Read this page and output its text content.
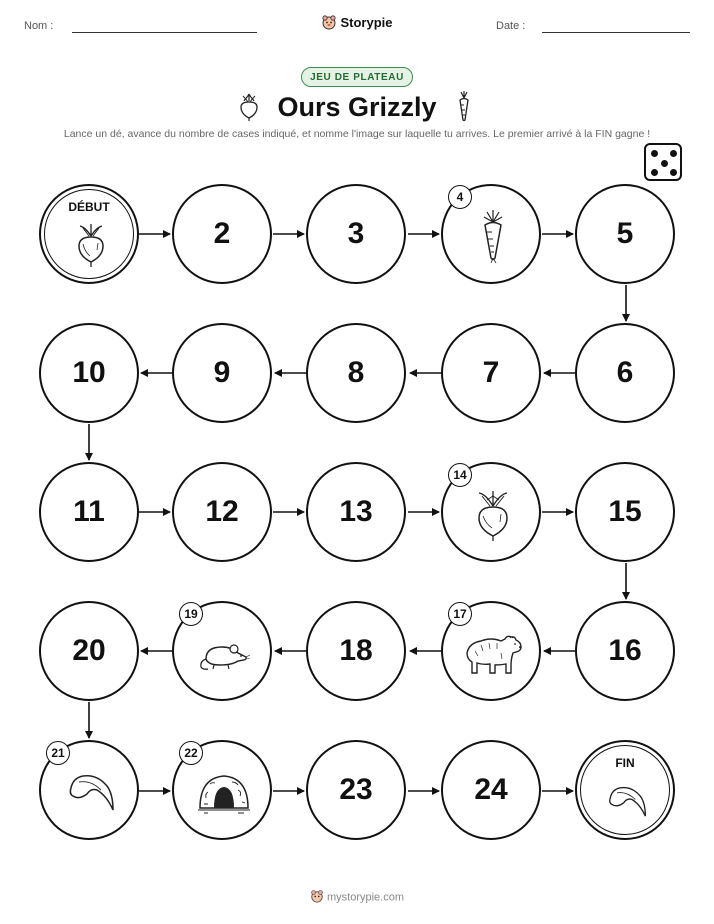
Nom :	Storypie	Date :
JEU DE PLATEAU
Ours Grizzly
Lance un dé, avance du nombre de cases indiqué, et nomme l'image sur laquelle tu arrives. Le premier arrivé à la FIN gagne !
DÉBUT
2	3
4
5
6
7
8
9
10
11	12	13
14
15
16
17
18
19
20
21	22
23	24
FIN
mystorypie.com
